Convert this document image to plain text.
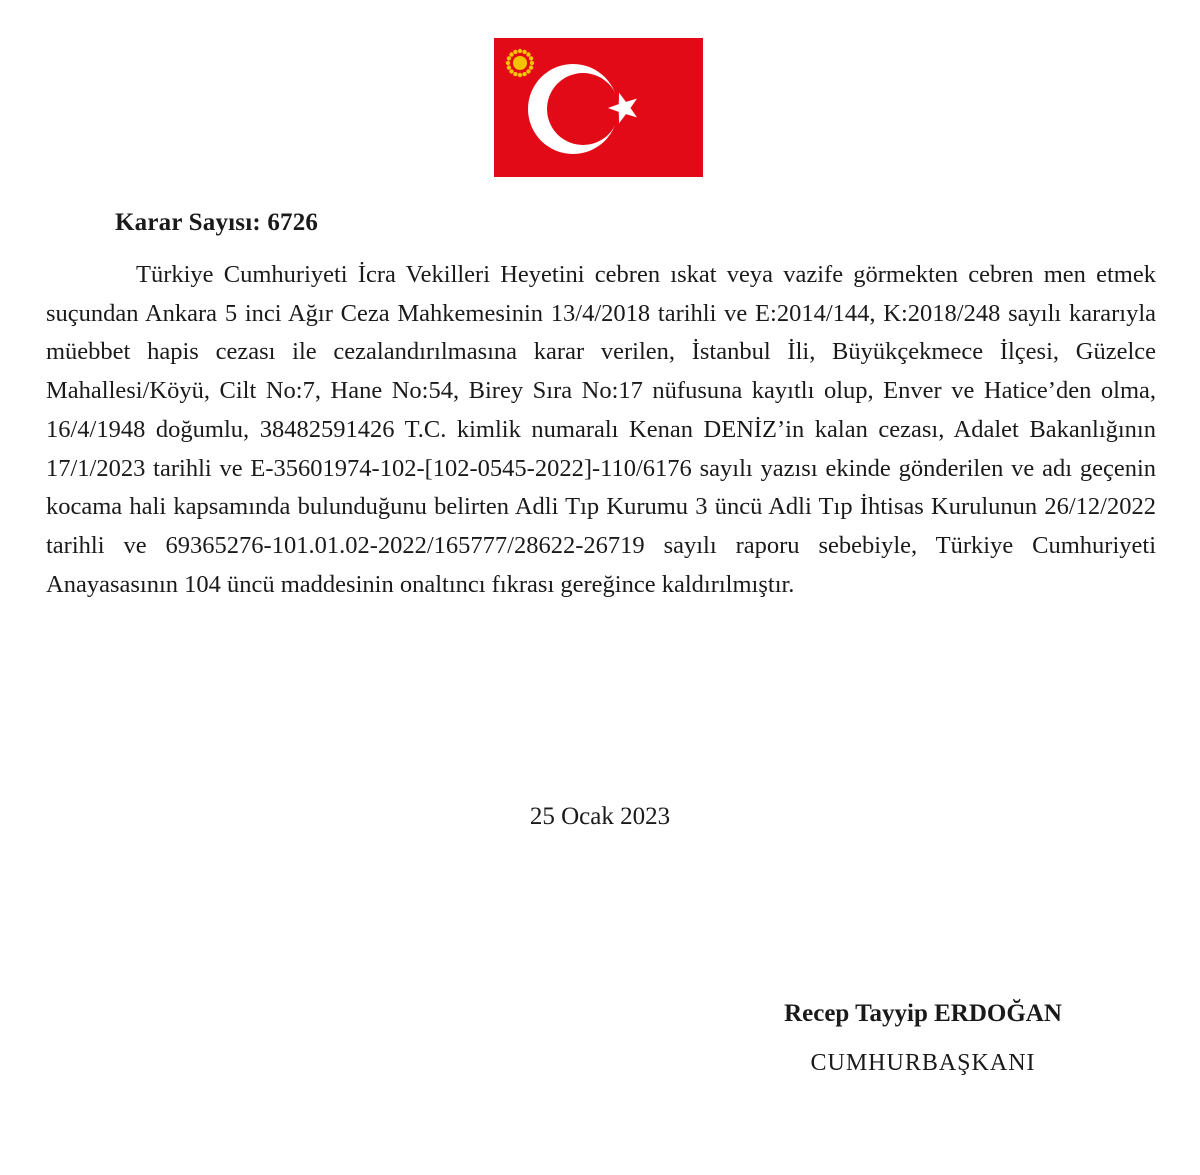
Karar Sayısı: 6726

Türkiye Cumhuriyeti İcra Vekilleri Heyetini cebren ıskat veya vazife görmekten cebren men etmek suçundan Ankara 5 inci Ağır Ceza Mahkemesinin 13/4/2018 tarihli ve E:2014/144, K:2018/248 sayılı kararıyla müebbet hapis cezası ile cezalandırılmasına karar verilen, İstanbul İli, Büyükçekmece İlçesi, Güzelce Mahallesi/Köyü, Cilt No:7, Hane No:54, Birey Sıra No:17 nüfusuna kayıtlı olup, Enver ve Hatice’den olma, 16/4/1948 doğumlu, 38482591426 T.C. kimlik numaralı Kenan DENİZ’in kalan cezası, Adalet Bakanlığının 17/1/2023 tarihli ve E-35601974-102-[102-0545-2022]-110/6176 sayılı yazısı ekinde gönderilen ve adı geçenin kocama hali kapsamında bulunduğunu belirten Adli Tıp Kurumu 3 üncü Adli Tıp İhtisas Kurulunun 26/12/2022 tarihli ve 69365276-101.01.02-2022/165777/28622-26719 sayılı raporu sebebiyle, Türkiye Cumhuriyeti Anayasasının 104 üncü maddesinin onaltıncı fıkrası gereğince kaldırılmıştır.

25 Ocak 2023
Recep Tayyip ERDOĞAN
CUMHURBAŞKANI
